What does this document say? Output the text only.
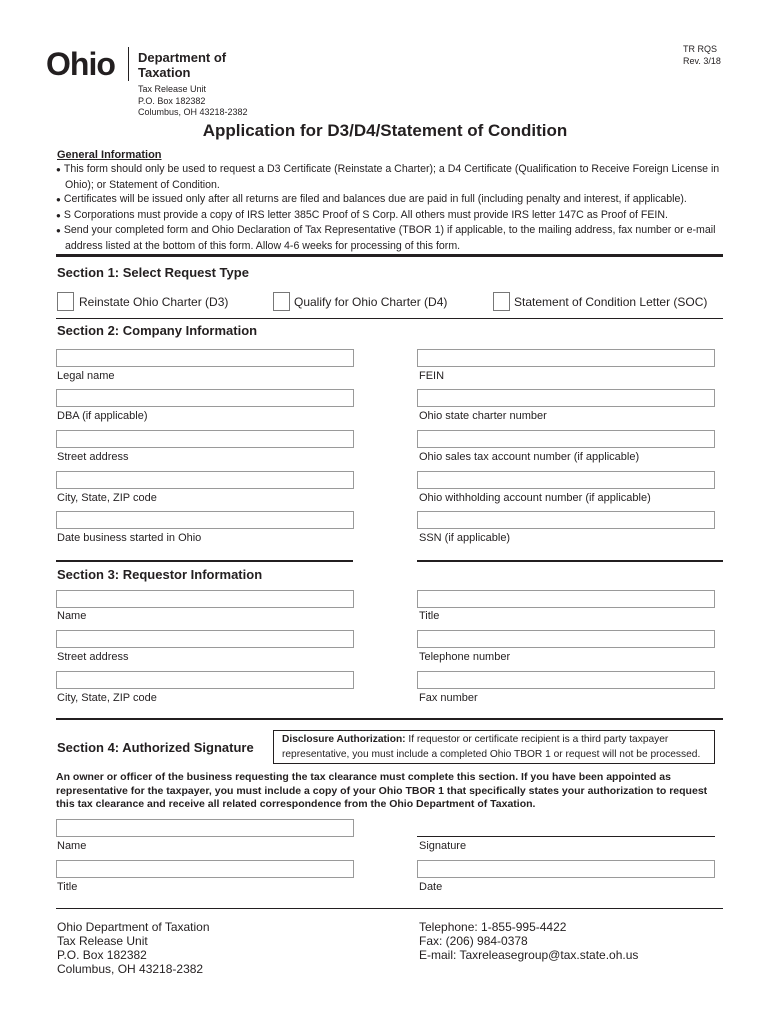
Ohio Department of
Taxation
Tax Release Unit
P.O. Box 182382
Columbus, OH 43218-2382
TR RQS
Rev. 3/18
Application for D3/D4/Statement of Condition
General Information
● This form should only be used to request a D3 Certificate (Reinstate a Charter); a D4 Certificate (Qualification to Receive Foreign License in Ohio); or Statement of Condition.
● Certificates will be issued only after all returns are filed and balances due are paid in full (including penalty and interest, if applicable).
● S Corporations must provide a copy of IRS letter 385C Proof of S Corp. All others must provide IRS letter 147C as Proof of FEIN.
● Send your completed form and Ohio Declaration of Tax Representative (TBOR 1) if applicable, to the mailing address, fax number or e-mail address listed at the bottom of this form. Allow 4-6 weeks for processing of this form.
Section 1: Select Request Type
Reinstate Ohio Charter (D3)	Qualify for Ohio Charter (D4)	Statement of Condition Letter (SOC)
Section 2: Company Information
Legal name	FEIN
DBA (if applicable)	Ohio state charter number
Street address	Ohio sales tax account number (if applicable)
City, State, ZIP code	Ohio withholding account number (if applicable)
Date business started in Ohio	SSN (if applicable)
Section 3: Requestor Information
Name	Title
Street address	Telephone number
City, State, ZIP code	Fax number
Section 4: Authorized Signature
Disclosure Authorization: If requestor or certificate recipient is a third party taxpayer representative, you must include a completed Ohio TBOR 1 or request will not be processed.
An owner or officer of the business requesting the tax clearance must complete this section. If you have been appointed as representative for the taxpayer, you must include a copy of your Ohio TBOR 1 that specifically states your authorization to request this tax clearance and receive all related correspondence from the Ohio Department of Taxation.
Name	Signature
Title	Date
Ohio Department of Taxation
Tax Release Unit
P.O. Box 182382
Columbus, OH 43218-2382
Telephone: 1-855-995-4422
Fax: (206) 984-0378
E-mail: Taxreleasegroup@tax.state.oh.us
